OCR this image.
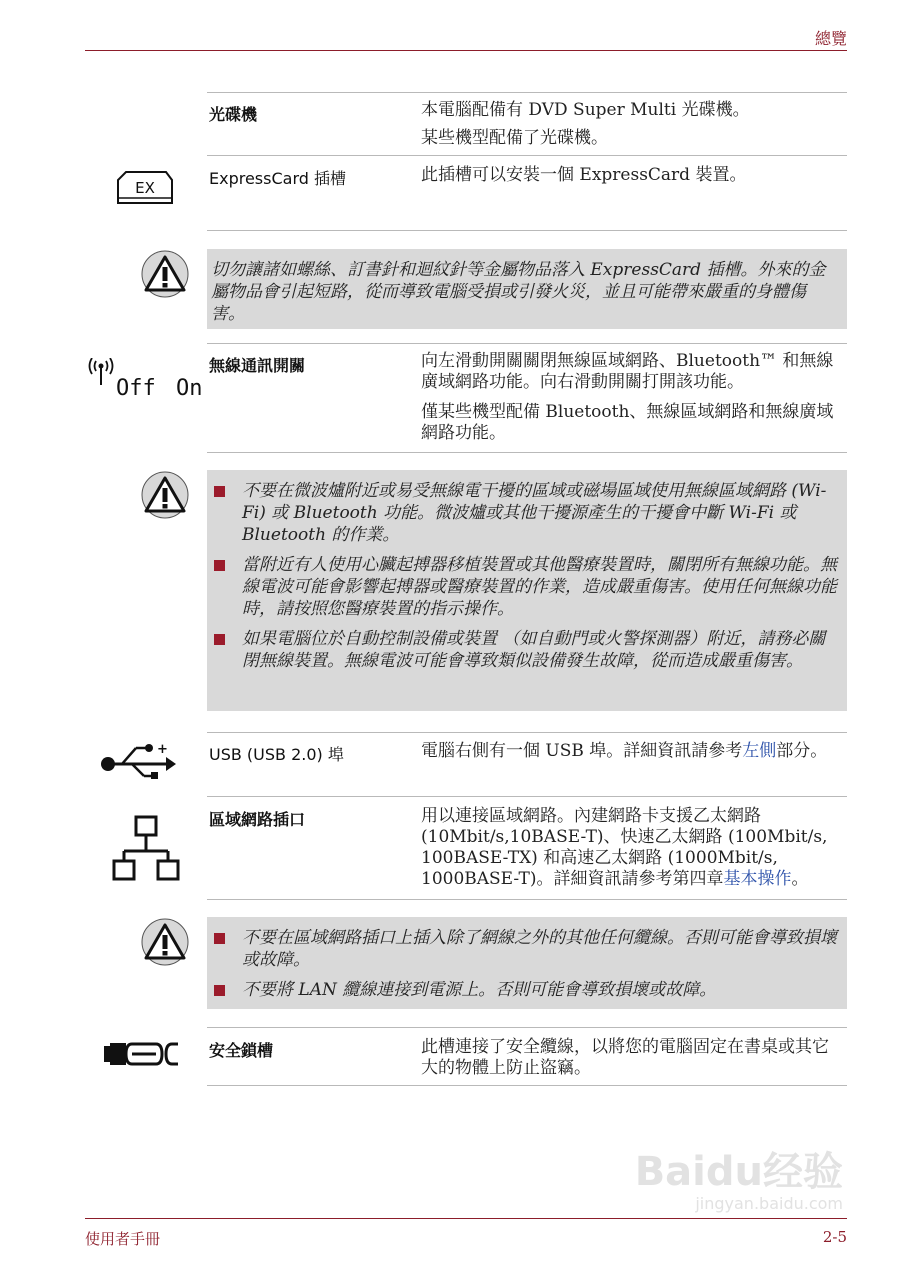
總覽
使用者手冊	2-5
光碟機	本電腦配備有 DVD Super Multi 光碟機。
某些機型配備了光碟機。
EX	ExpressCard 插槽	此插槽可以安裝一個 ExpressCard 裝置。
切勿讓諸如螺絲、訂書針和迴紋針等金屬物品落入 ExpressCard 插槽。外來的金屬物品會引起短路，從而導致電腦受損或引發火災，並且可能帶來嚴重的身體傷害。
Off On
無線通訊開關	向左滑動開關關閉無線區域網路、Bluetooth™ 和無線廣域網路功能。向右滑動開關打開該功能。
僅某些機型配備 Bluetooth、無線區域網路和無線廣域網路功能。
不要在微波爐附近或易受無線電干擾的區域或磁場區域使用無線區域網路 (Wi-Fi) 或 Bluetooth 功能。微波爐或其他干擾源產生的干擾會中斷 Wi-Fi 或 Bluetooth 的作業。
當附近有人使用心臟起搏器移植裝置或其他醫療裝置時，關閉所有無線功能。無線電波可能會影響起搏器或醫療裝置的作業，造成嚴重傷害。使用任何無線功能時，請按照您醫療裝置的指示操作。
如果電腦位於自動控制設備或裝置 （如自動門或火警探測器）附近，請務必關閉無線裝置。無線電波可能會導致類似設備發生故障，從而造成嚴重傷害。
+	USB (USB 2.0) 埠	電腦右側有一個 USB 埠。詳細資訊請參考左側部分。
區域網路插口	用以連接區域網路。內建網路卡支援乙太網路 (10Mbit/s,10BASE-T)、快速乙太網路 (100Mbit/s, 100BASE-TX) 和高速乙太網路 (1000Mbit/s, 1000BASE-T)。詳細資訊請參考第四章基本操作。
不要在區域網路插口上插入除了網線之外的其他任何纜線。否則可能會導致損壞或故障。
不要將 LAN 纜線連接到電源上。否則可能會導致損壞或故障。
安全鎖槽	此槽連接了安全纜線，以將您的電腦固定在書桌或其它大的物體上防止盜竊。
Baidu经验
jingyan.baidu.com
